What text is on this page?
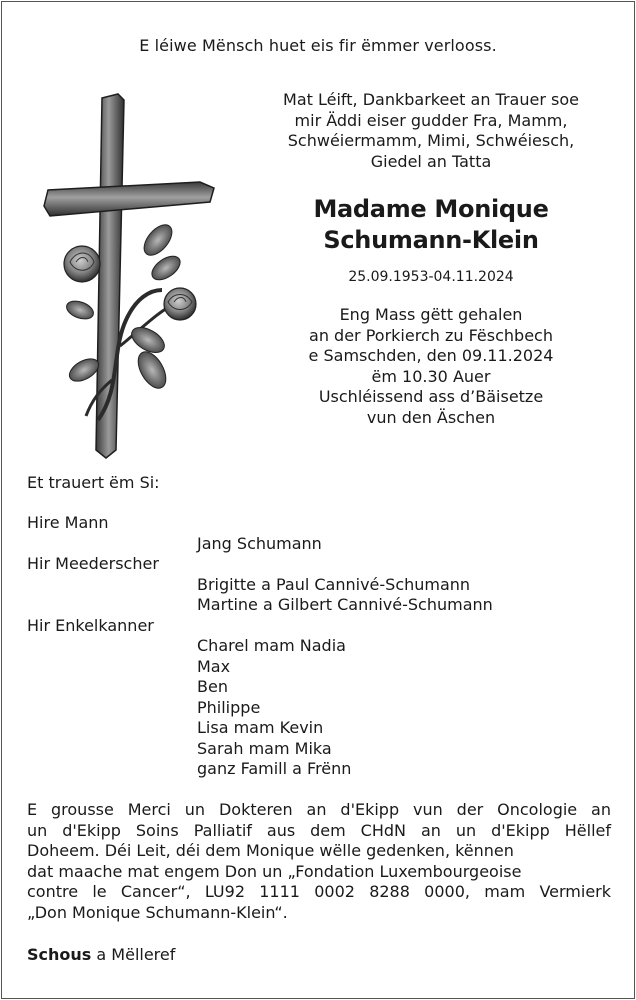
E léiwe Mënsch huet eis fir ëmmer verlooss.
Mat Léift, Dankbarkeet an Trauer soe
mir Äddi eiser gudder Fra, Mamm,
Schwéiermamm, Mimi, Schwéiesch,
Giedel an Tatta
Madame Monique
Schumann-Klein
25.09.1953-04.11.2024
Eng Mass gëtt gehalen
an der Porkierch zu Fëschbech
e Samschden, den 09.11.2024
ëm 10.30 Auer
Uschléissend ass d’Bäisetze
vun den Äschen
Et trauert ëm Si:
Hire Mann
Jang Schumann
Hir Meederscher
Brigitte a Paul Cannivé-Schumann
Martine a Gilbert Cannivé-Schumann
Hir Enkelkanner
Charel mam Nadia
Max
Ben
Philippe
Lisa mam Kevin
Sarah mam Mika
ganz Famill a Frënn
E grousse Merci un Dokteren an d'Ekipp vun der Oncologie an
un d'Ekipp Soins Palliatif aus dem CHdN an un d'Ekipp Hëllef
Doheem. Déi Leit, déi dem Monique wëlle gedenken, kënnen
dat maache mat engem Don un „Fondation Luxembourgeoise
contre le Cancer“, LU92 1111 0002 8288 0000, mam Vermierk
„Don Monique Schumann-Klein“.
Schous a Mëlleref
